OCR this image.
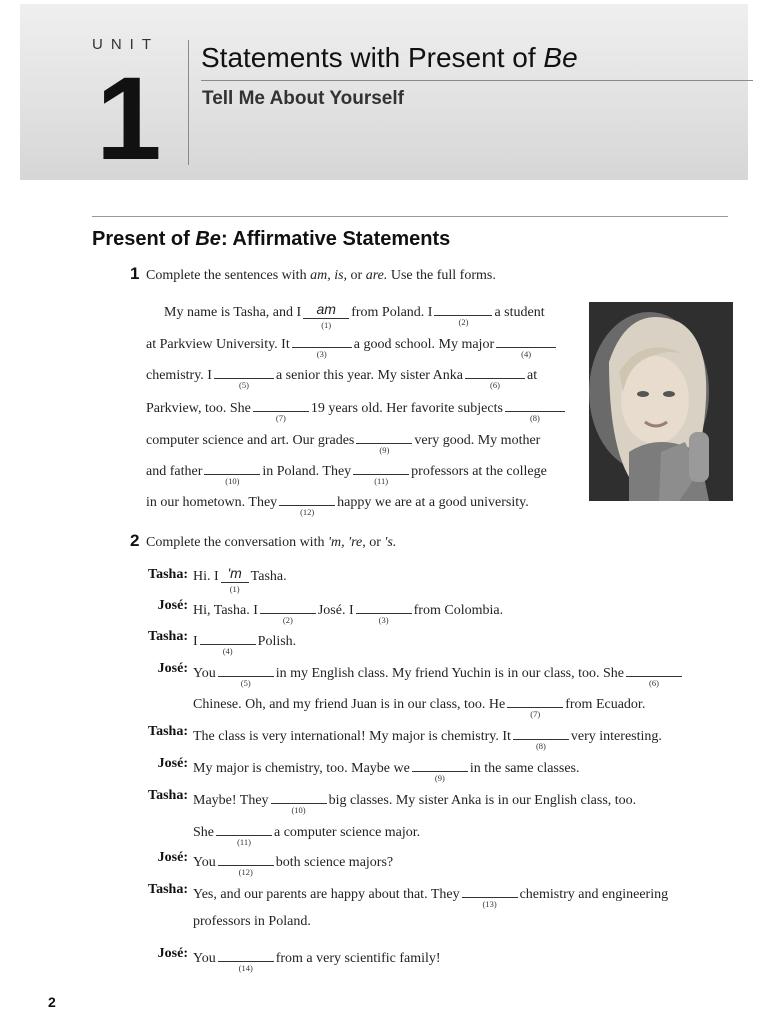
UNIT
1 Statements with Present of Be
Tell Me About Yourself
Present of Be: Affirmative Statements
1 Complete the sentences with am, is, or are. Use the full forms.
My name is Tasha, and I am
(1)
from Poland. I
(2)
a student
at Parkview University. It
(3)
a good school. My major
(4)
chemistry. I
(5)
a senior this year. My sister Anka
(6)
at
Parkview, too. She
(7)
19 years old. Her favorite subjects
(8)
computer science and art. Our grades
(9)
very good. My mother
and father
(10)
in Poland. They
(11)
professors at the college
in our hometown. They
(12)
happy we are at a good university.
2 Complete the conversation with 'm, 're, or 's.
Tasha: Hi. I 'm
(1)
Tasha.
José: Hi, Tasha. I
(2)
José. I
(3)
from Colombia.
Tasha: I
(4)
Polish.
José: You
(5)
in my English class. My friend Yuchin is in our class, too. She
(6)
Chinese. Oh, and my friend Juan is in our class, too. He
(7)
from Ecuador.
Tasha: The class is very international! My major is chemistry. It
(8)
very interesting.
José: My major is chemistry, too. Maybe we
(9)
in the same classes.
Tasha: Maybe! They
(10)
big classes. My sister Anka is in our English class, too.
She
(11)
a computer science major.
José: You
(12)
both science majors?
Tasha: Yes, and our parents are happy about that. They
(13)
chemistry and engineering
professors in Poland.
José: You
(14)
from a very scientific family!
2
